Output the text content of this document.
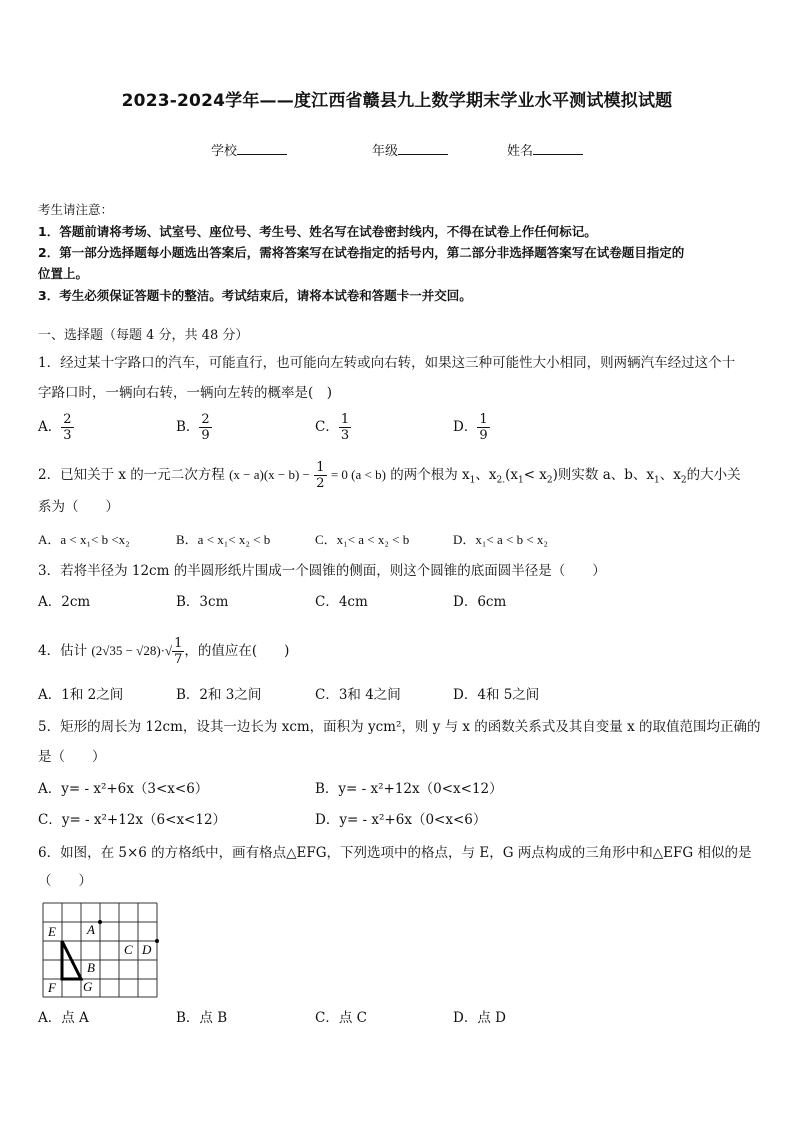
2023-2024学年——度江西省赣县九上数学期末学业水平测试模拟试题
学校	年级	姓名
考生请注意：
1．答题前请将考场、试室号、座位号、考生号、姓名写在试卷密封线内，不得在试卷上作任何标记。
2．第一部分选择题每小题选出答案后，需将答案写在试卷指定的括号内，第二部分非选择题答案写在试卷题目指定的
位置上。
3．考生必须保证答题卡的整洁。考试结束后，请将本试卷和答题卡一并交回。
一、选择题（每题 4 分，共 48 分）
1．经过某十字路口的汽车，可能直行，也可能向左转或向右转，如果这三种可能性大小相同，则两辆汽车经过这个十
字路口时，一辆向右转，一辆向左转的概率是(　)
A． $\frac{2}{3}$	B． $\frac{2}{9}$	C． $\frac{1}{3}$	D． $\frac{1}{9}$
2．已知关于 x 的一元二次方程 $(x - a)(x - b) - \frac{1}{2} = 0$ (a < b) 的两个根为 $x_1$、$x_{2.}(x_1< x_2)$则实数 a、b、$x_1$、$x_2$的大小关
系为（　　）
A．a < x₁< b <x₂	B．a < x₁< x₂ < b	C．x₁< a < x₂ < b	D．x₁< a < b < x₂
3．若将半径为 12cm 的半圆形纸片围成一个圆锥的侧面，则这个圆锥的底面圆半径是（　　）
A．2cm	B．3cm	C．4cm	D．6cm
4．估计 $(2√35 - √28)\cdot√ \frac{1}{7}$ ，的值应在(　　)
A．1和 2之间	B．2和 3之间	C．3和 4之间	D．4和 5之间
5．矩形的周长为 12cm，设其一边长为 xcm，面积为 ycm²，则 y 与 x 的函数关系式及其自变量 x 的取值范围均正确的
是（　　）
A．y= - x²+6x（3<x<6）	B．y= - x²+12x（0<x<12）
C．y= - x²+12x（6<x<12）	D．y= - x²+6x（0<x<6）
6．如图，在 5×6 的方格纸中，画有格点△EFG，下列选项中的格点，与 E，G 两点构成的三角形中和△EFG 相似的是
（　　）
E A
C D
B
F G
A．点 A	B．点 B	C．点 C	D．点 D
